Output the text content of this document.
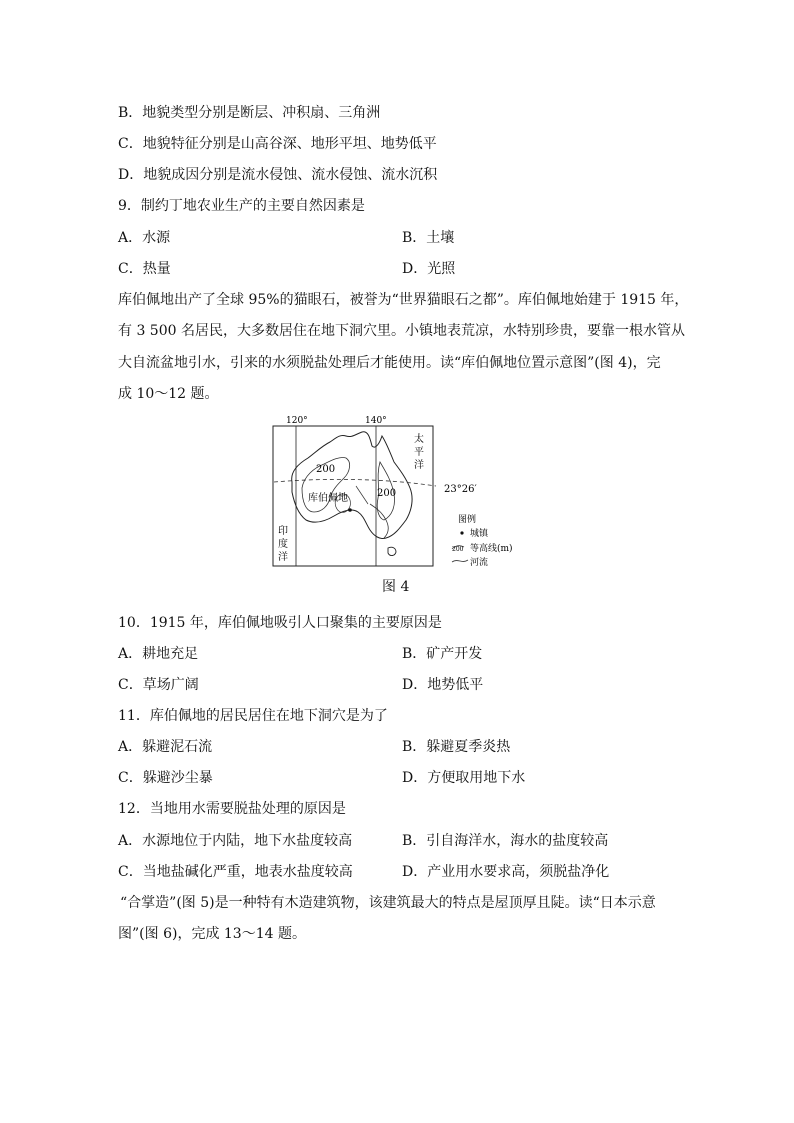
B．地貌类型分别是断层、冲积扇、三角洲
C．地貌特征分别是山高谷深、地形平坦、地势低平
D．地貌成因分别是流水侵蚀、流水侵蚀、流水沉积
9．制约丁地农业生产的主要自然因素是
A．水源	B．土壤
C．热量	D．光照
库伯佩地出产了全球 95%的猫眼石，被誉为“世界猫眼石之都”。库伯佩地始建于 1915 年，
有 3 500 名居民，大多数居住在地下洞穴里。小镇地表荒凉，水特别珍贵，要靠一根水管从
大自流盆地引水，引来的水须脱盐处理后才能使用。读“库伯佩地位置示意图”(图 4)，完
成 10～12 题。
120°	140°
23°26′
200
200
库伯佩地
太
平
洋
印
度
洋
图例
城镇
200 等高线(m)
河流
图 4
10．1915 年，库伯佩地吸引人口聚集的主要原因是
A．耕地充足	B．矿产开发
C．草场广阔	D．地势低平
11．库伯佩地的居民居住在地下洞穴是为了
A．躲避泥石流	B．躲避夏季炎热
C．躲避沙尘暴	D．方便取用地下水
12．当地用水需要脱盐处理的原因是
A．水源地位于内陆，地下水盐度较高	B．引自海洋水，海水的盐度较高
C．当地盐碱化严重，地表水盐度较高	D．产业用水要求高，须脱盐净化
“合掌造”(图 5)是一种特有木造建筑物，该建筑最大的特点是屋顶厚且陡。读“日本示意
图”(图 6)，完成 13～14 题。
